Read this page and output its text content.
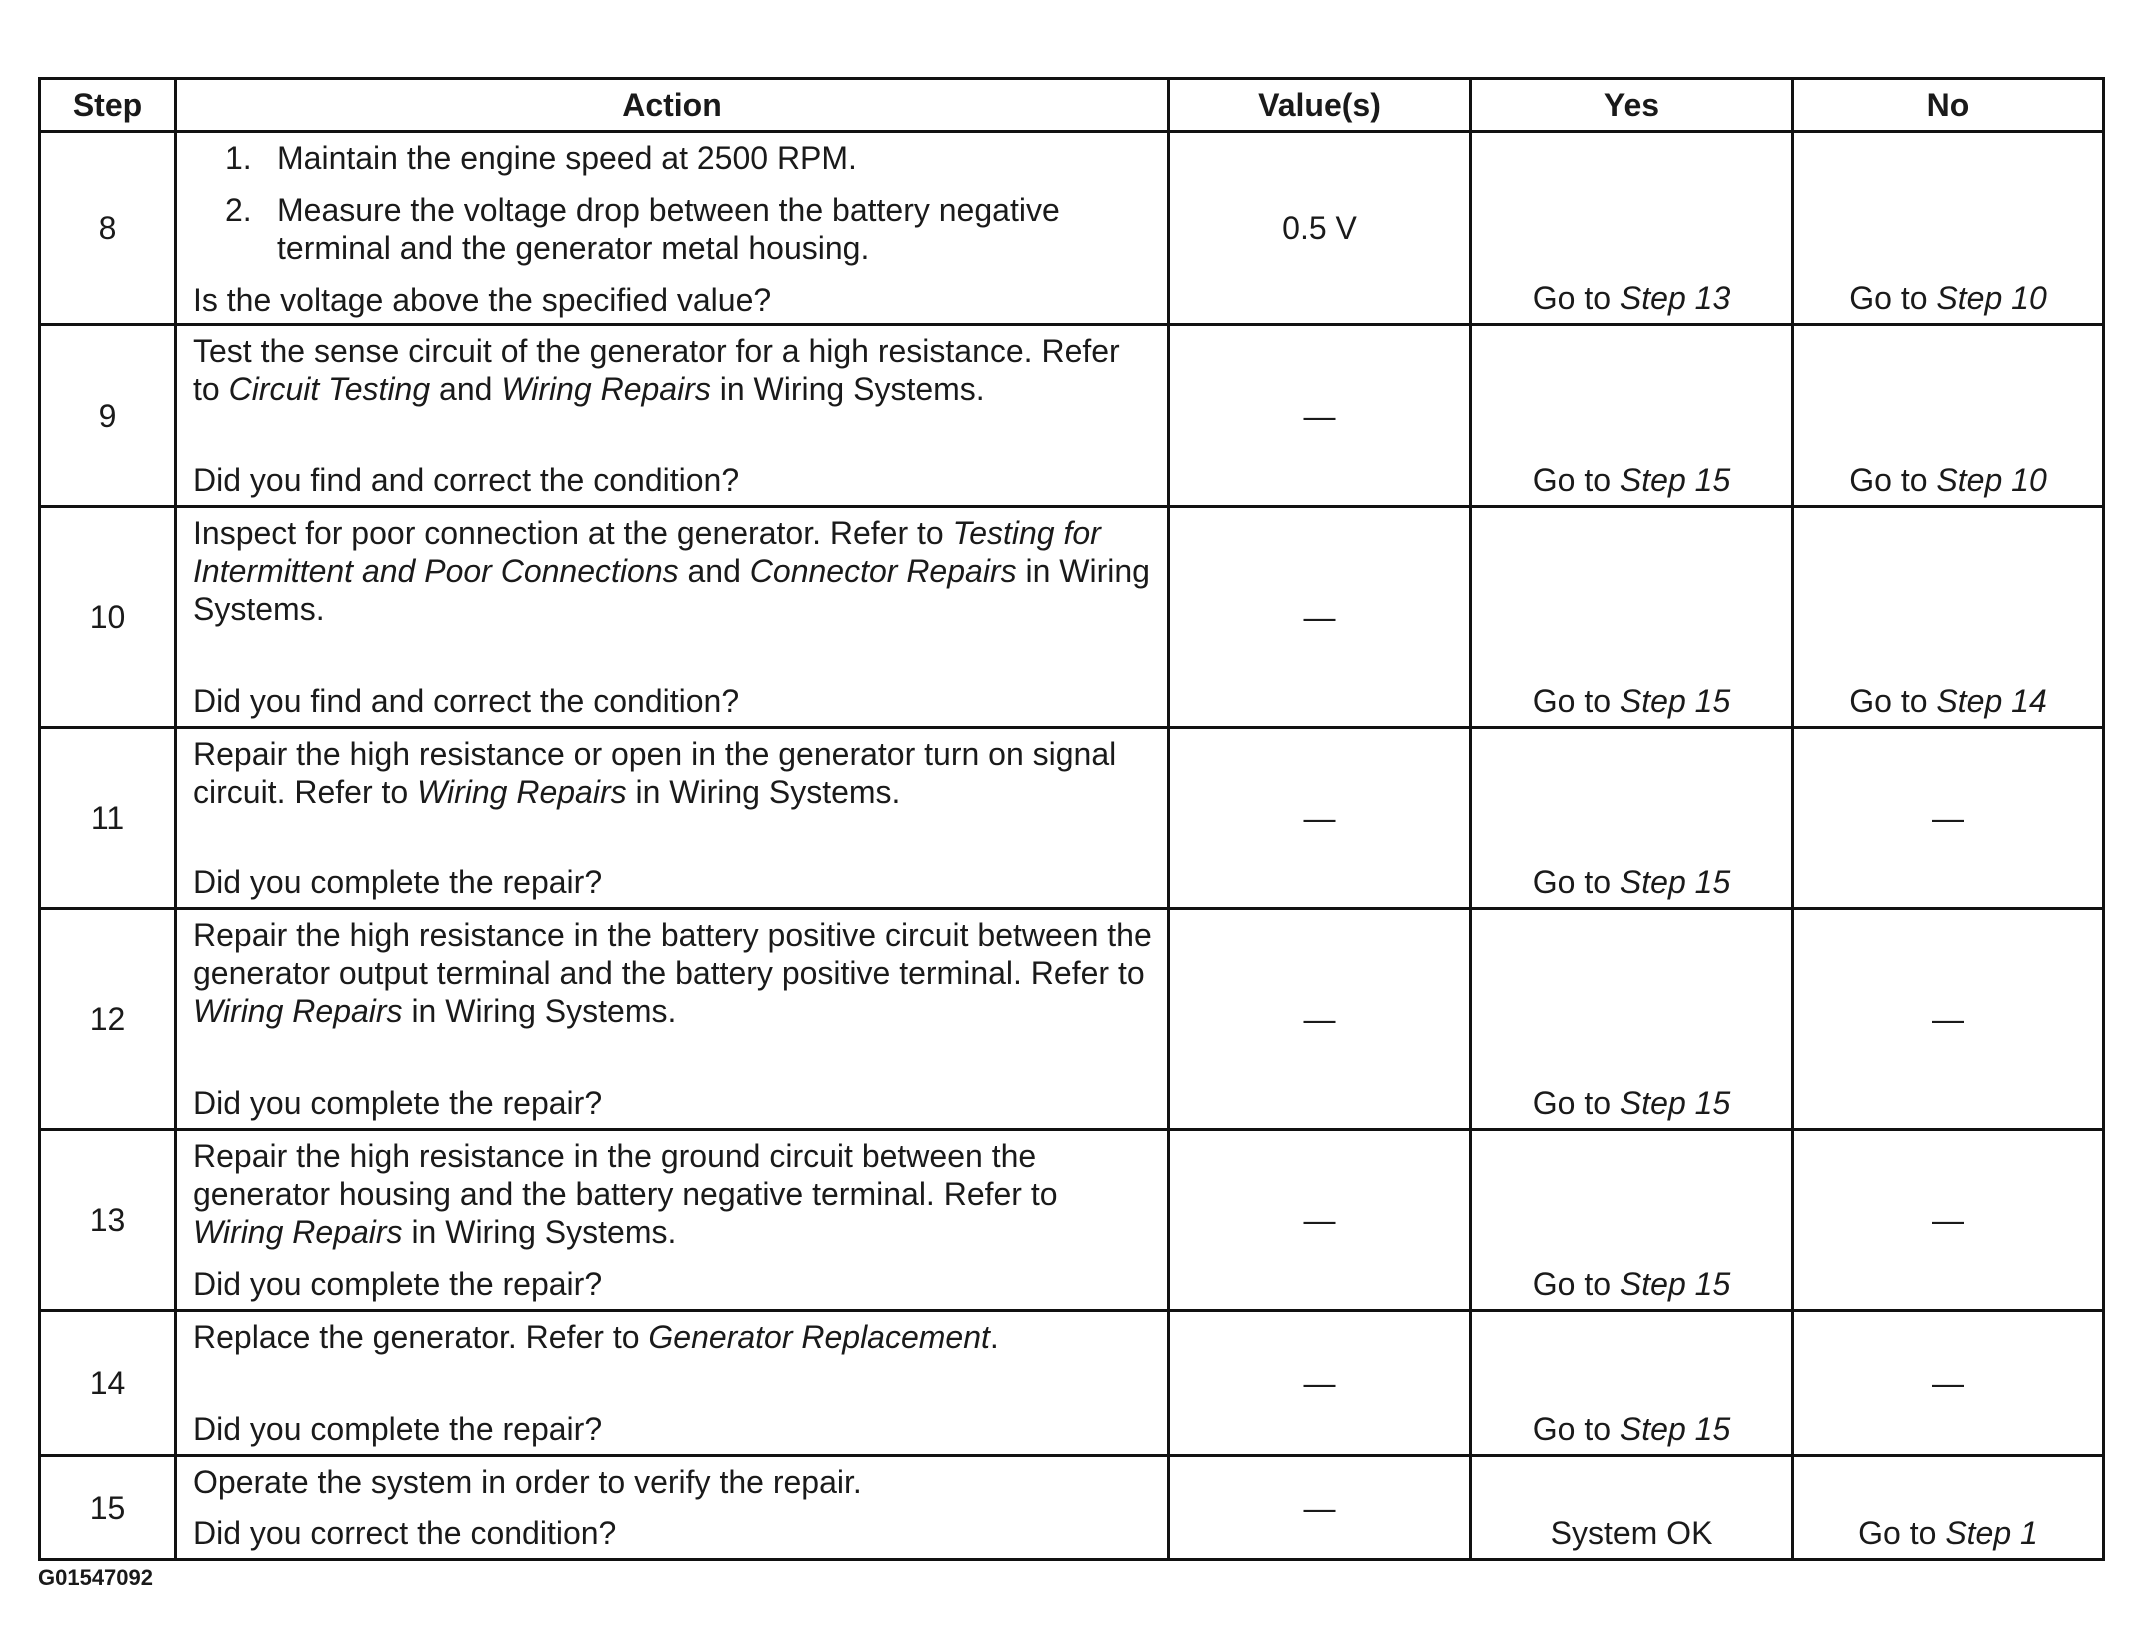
Step	Action	Value(s)	Yes	No
8	1. Maintain the engine speed at 2500 RPM.
2. Measure the voltage drop between the battery negative terminal and the generator metal housing.
Is the voltage above the specified value?	0.5 V	Go to Step 13	Go to Step 10

9	Test the sense circuit of the generator for a high resistance. Refer to Circuit Testing and Wiring Repairs in Wiring Systems.
Did you find and correct the condition?	—	Go to Step 15	Go to Step 10

10	Inspect for poor connection at the generator. Refer to Testing for Intermittent and Poor Connections and Connector Repairs in Wiring Systems.
Did you find and correct the condition?	—	Go to Step 15	Go to Step 14

11	Repair the high resistance or open in the generator turn on signal circuit. Refer to Wiring Repairs in Wiring Systems.
Did you complete the repair?	—	Go to Step 15	—

12	Repair the high resistance in the battery positive circuit between the generator output terminal and the battery positive terminal. Refer to Wiring Repairs in Wiring Systems.
Did you complete the repair?	—	Go to Step 15	—

13	Repair the high resistance in the ground circuit between the generator housing and the battery negative terminal. Refer to Wiring Repairs in Wiring Systems.
Did you complete the repair?	—	Go to Step 15	—

14	Replace the generator. Refer to Generator Replacement.
Did you complete the repair?	—	Go to Step 15	—

15	Operate the system in order to verify the repair.
Did you correct the condition?	—	System OK	Go to Step 1
G01547092
